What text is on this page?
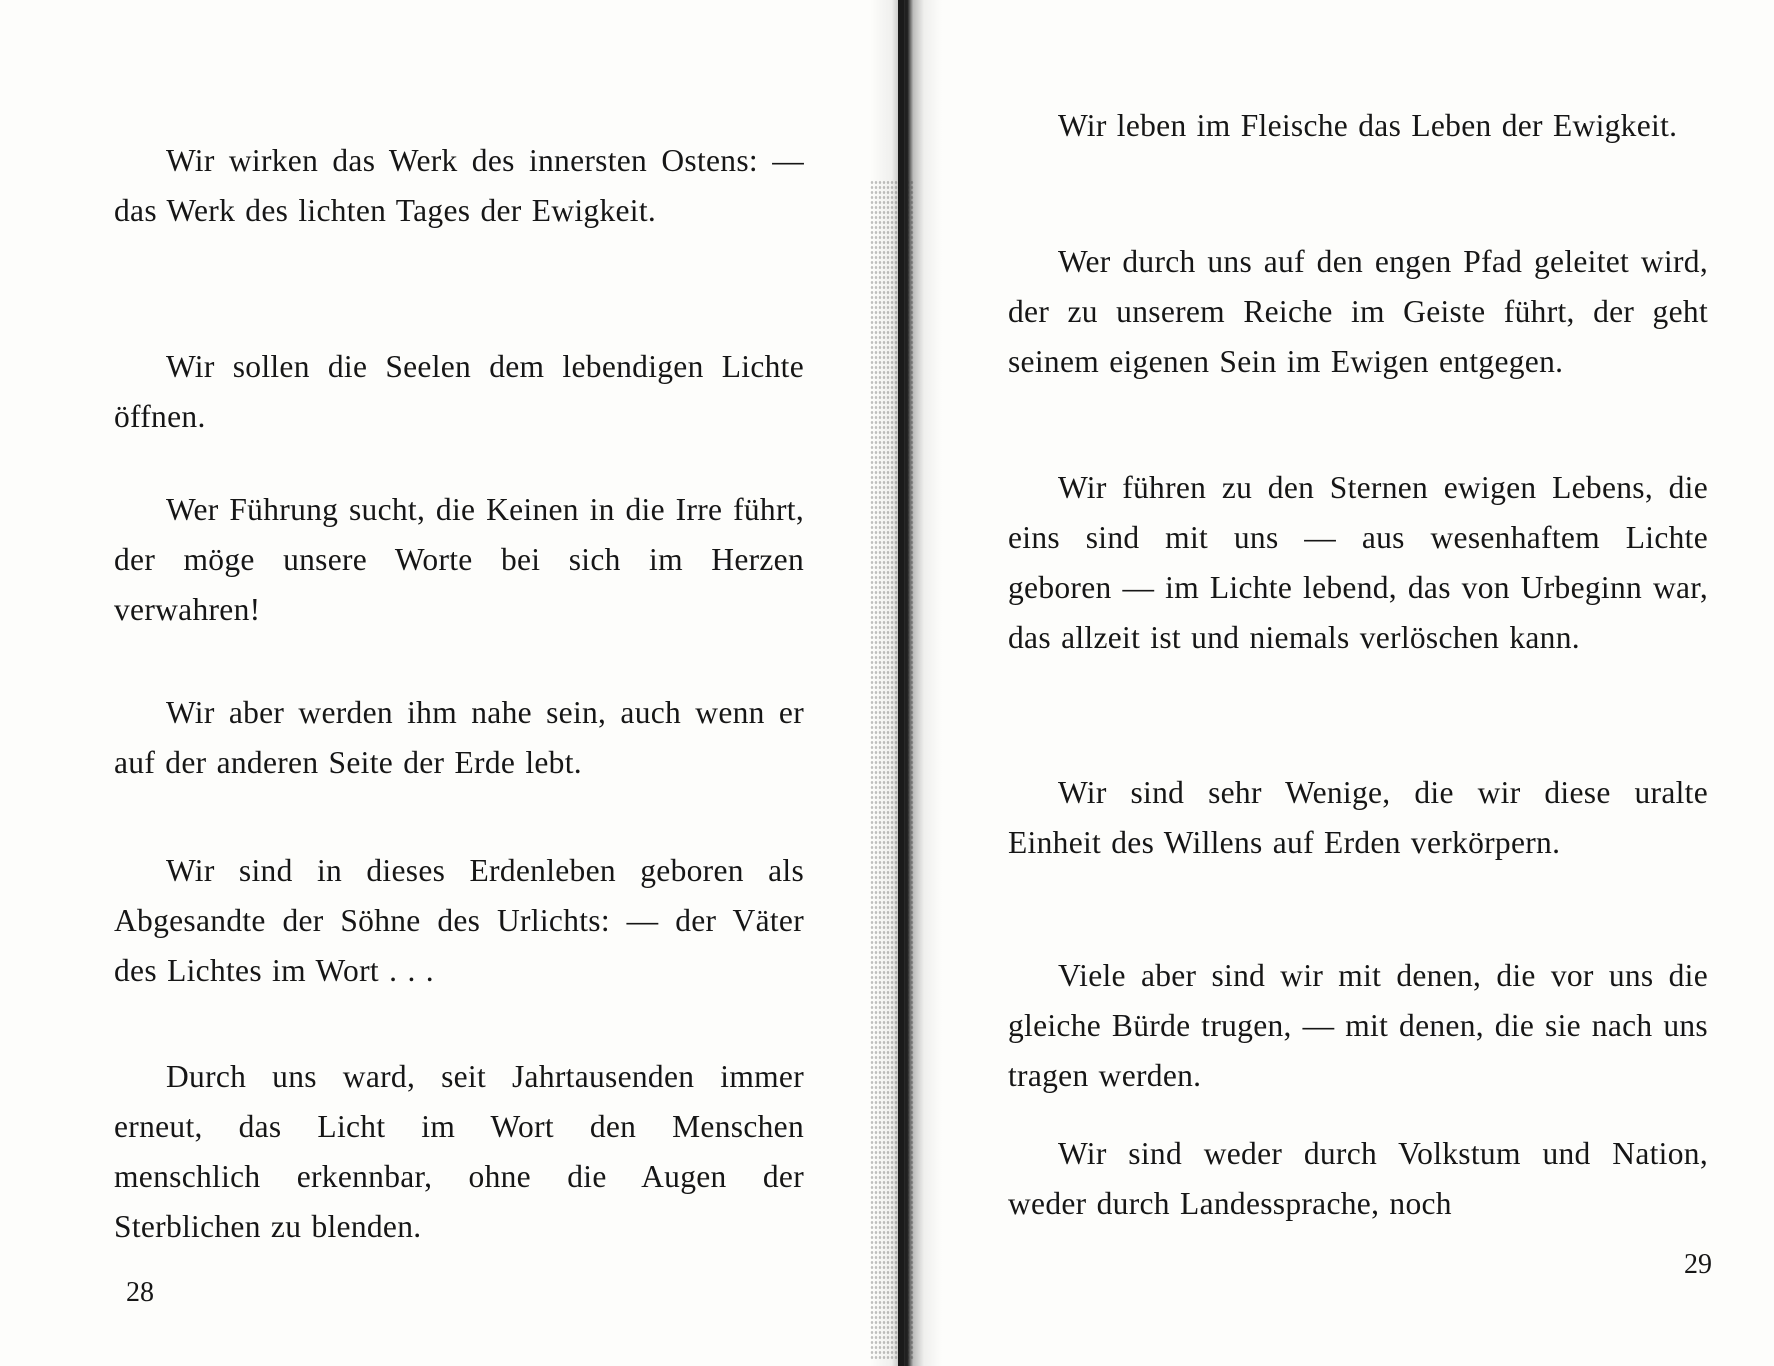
Wir wirken das Werk des innersten Ostens: — das Werk des lichten Tages der Ewigkeit.

Wir sollen die Seelen dem lebendigen Lichte öffnen.

Wer Führung sucht, die Keinen in die Irre führt, der möge unsere Worte bei sich im Herzen verwahren!

Wir aber werden ihm nahe sein, auch wenn er auf der anderen Seite der Erde lebt.

Wir sind in dieses Erdenleben geboren als Abgesandte der Söhne des Urlichts: — der Väter des Lichtes im Wort . . .

Durch uns ward, seit Jahrtausenden immer erneut, das Licht im Wort den Menschen menschlich erkennbar, ohne die Augen der Sterblichen zu blenden.

28

Wir leben im Fleische das Leben der Ewigkeit.

Wer durch uns auf den engen Pfad geleitet wird, der zu unserem Reiche im Geiste führt, der geht seinem eigenen Sein im Ewigen entgegen.

Wir führen zu den Sternen ewigen Lebens, die eins sind mit uns — aus wesenhaftem Lichte geboren — im Lichte lebend, das von Urbeginn war, das allzeit ist und niemals verlöschen kann.

Wir sind sehr Wenige, die wir diese uralte Einheit des Willens auf Erden verkörpern.

Viele aber sind wir mit denen, die vor uns die gleiche Bürde trugen, — mit denen, die sie nach uns tragen werden.

Wir sind weder durch Volkstum und Nation, weder durch Landessprache, noch

29
